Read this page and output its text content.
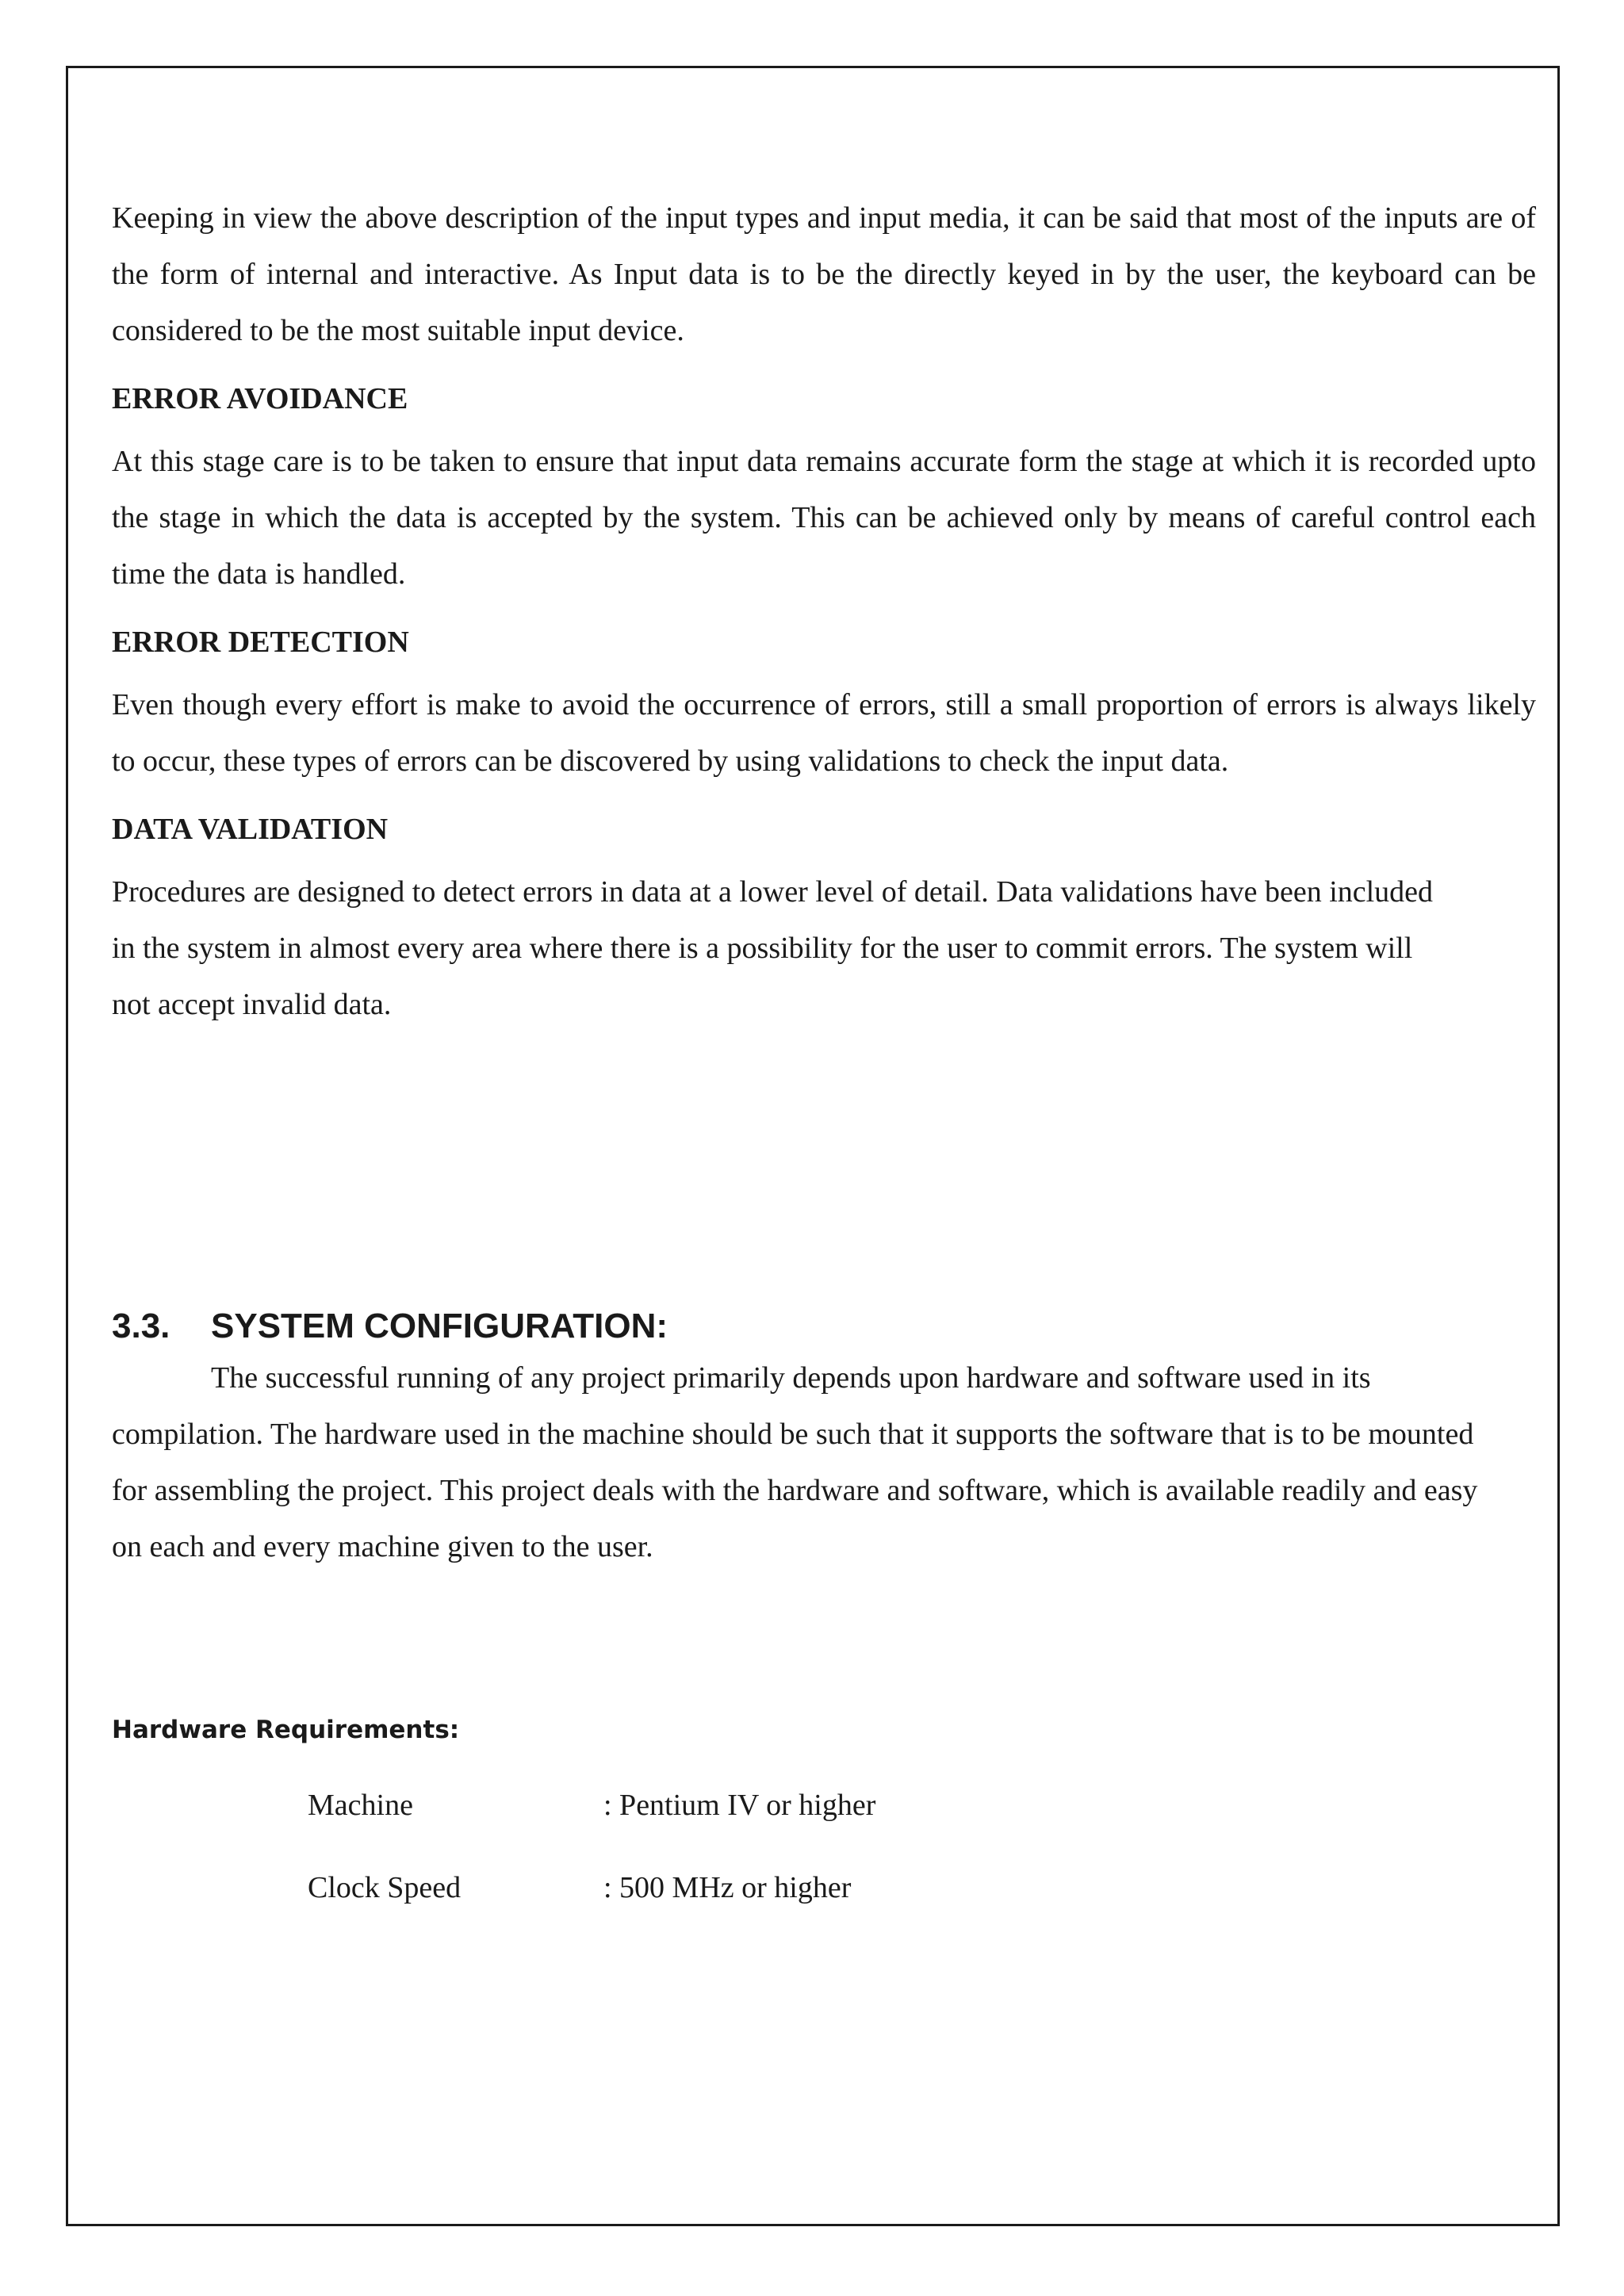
Keeping in view the above description of the input types and input media, it can be said that most of the inputs are of the form of internal and interactive. As Input data is to be the directly keyed in by the user, the keyboard can be considered to be the most suitable input device.

ERROR AVOIDANCE

At this stage care is to be taken to ensure that input data remains accurate form the stage at which it is recorded upto the stage in which the data is accepted by the system. This can be achieved only by means of careful control each time the data is handled.

ERROR DETECTION

Even though every effort is make to avoid the occurrence of errors, still a small proportion of errors is always likely to occur, these types of errors can be discovered by using validations to check the input data.

DATA VALIDATION

Procedures are designed to detect errors in data at a lower level of detail. Data validations have been included in the system in almost every area where there is a possibility for the user to commit errors. The system will not accept invalid data.

3.3.	SYSTEM CONFIGURATION:

The successful running of any project primarily depends upon hardware and software used in its compilation. The hardware used in the machine should be such that it supports the software that is to be mounted for assembling the project. This project deals with the hardware and software, which is available readily and easy on each and every machine given to the user.

Hardware Requirements:
Machine	: Pentium IV or higher
Clock Speed	: 500 MHz or higher
